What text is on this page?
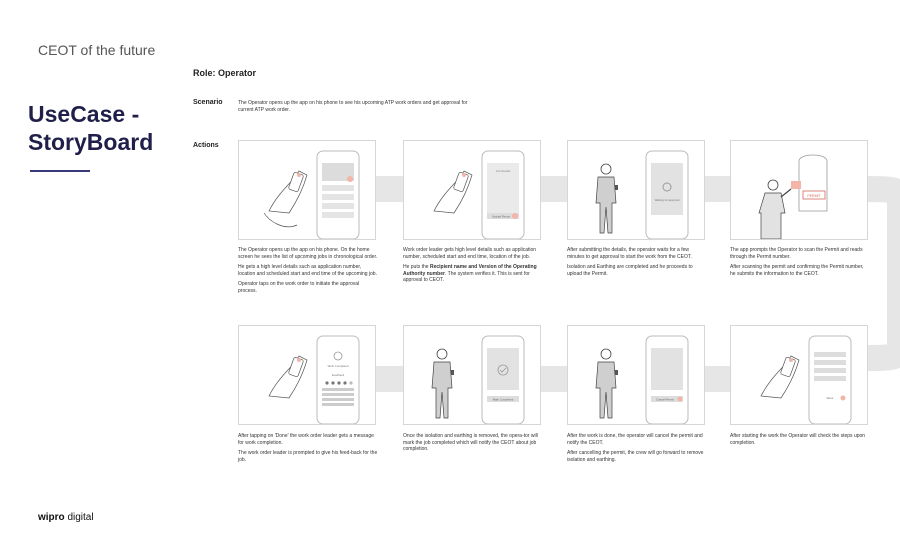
CEOT of the future
UseCase -
StoryBoard
Role: Operator
Scenario	The Operator opens up the app on his phone to see his upcoming ATP work orders and get approval for current ATP work order.
Actions

The Operator opens up the app on his phone. On the home screen he sees the list of upcoming jobs in chronological order.

He gets a high level details such as application number, location and scheduled start and end time of the upcoming job.

Operator taps on the work order to initiate the approval process.

Job Details
Upload Permit

Work order leader gets high level details such as application number, scheduled start and end time, location of the job.

He puts the Recipient name and Version of the Operating Authority number. The system verifies it. This is sent for approval to CEOT.

Waiting for approval

After submitting the details, the operator waits for a few minutes to get approval to start the work from the CEOT.

Isolation and Earthing are completed and he proceeds to upload the Permit.

PERMIT

The app prompts the Operator to scan the Permit and reads through the Permit number.

After scanning the permit and confirming the Permit number, he submits the information to the CEOT.

Work Completed
Feedback

After tapping on 'Done' the work order leader gets a message for work completion.

The work order leader is prompted to give his feed-back for the job.

Mark Completed

Once the isolation and earthing is removed, the opera-tor will mark the job completed which will notify the CEOT about job completion.

Cancel Permit

After the work is done, the operator will cancel the permit and notify the CEOT.

After cancelling the permit, the crew will go forward to remove isolation and earthing.

Done

After starting the work the Operator will check the steps upon completion.

wipro digital
